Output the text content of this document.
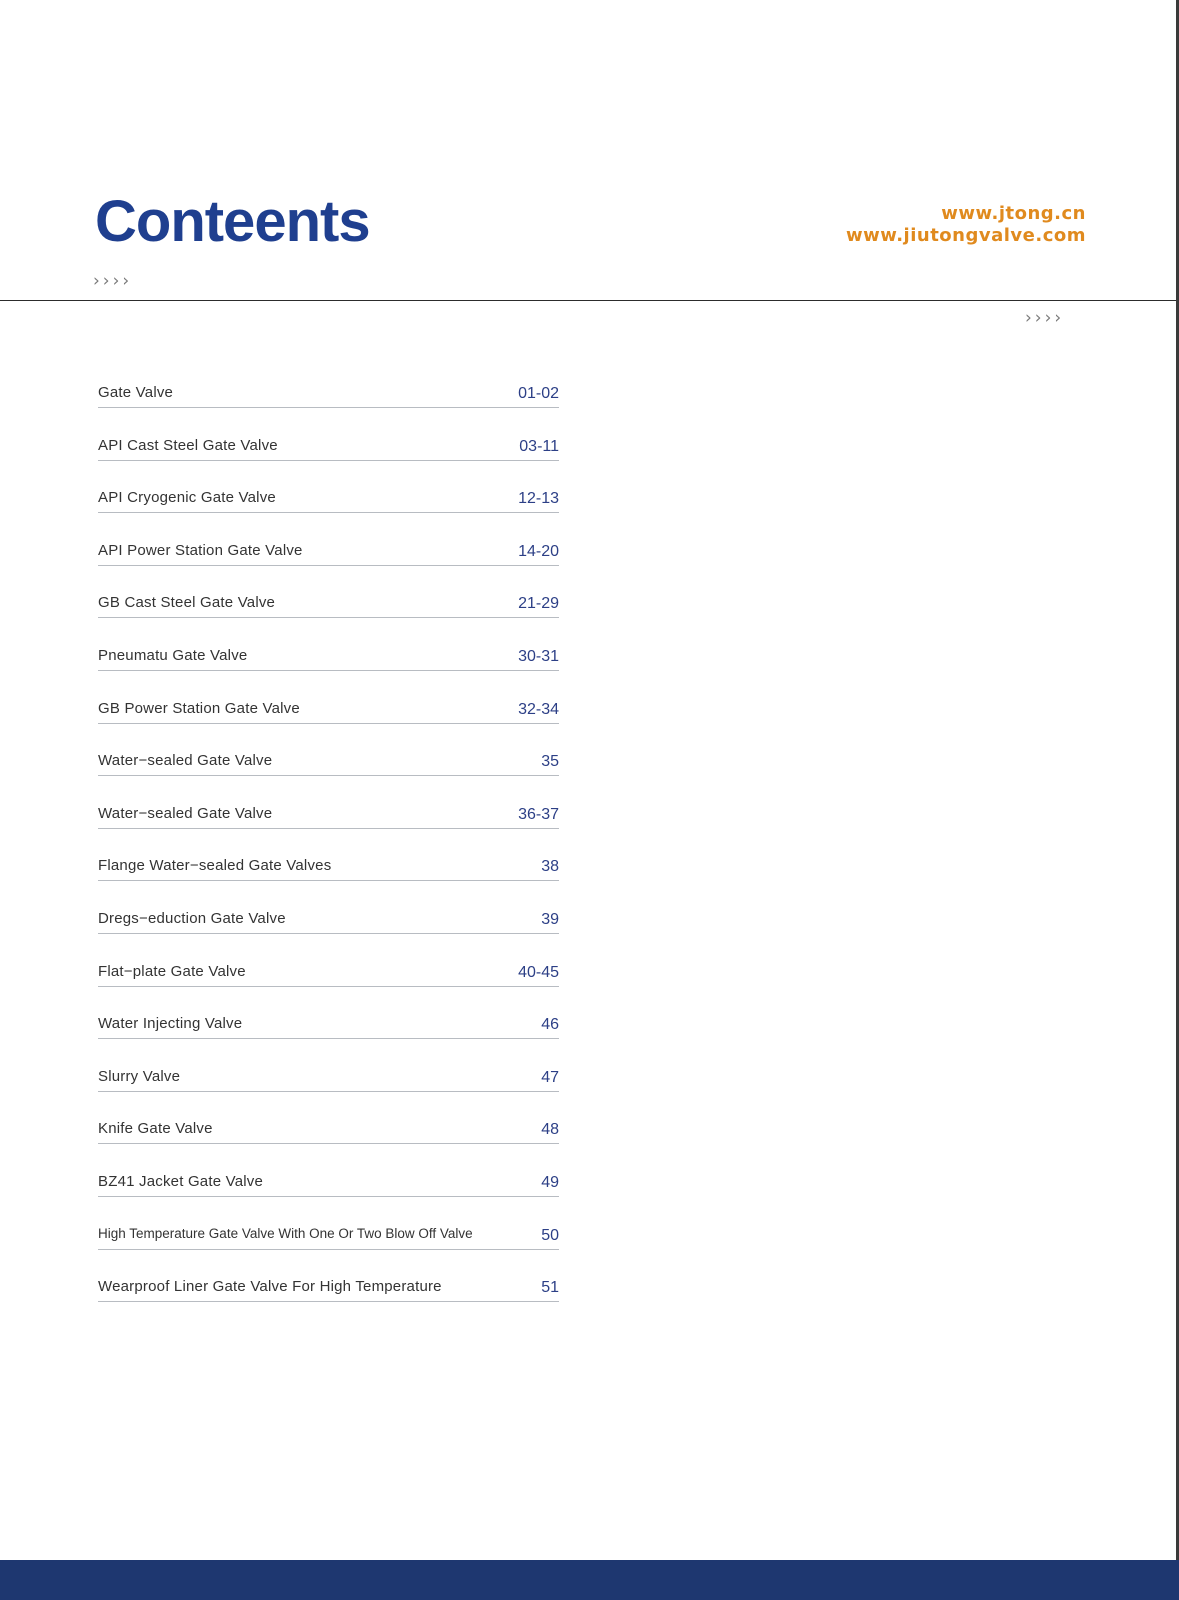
Conteents	www.jtong.cn
www.jiutongvalve.com
››››
››››
Gate Valve	01-02
API Cast Steel Gate Valve	03-11
API Cryogenic Gate Valve	12-13
API Power Station Gate Valve	14-20
GB Cast Steel Gate Valve	21-29
Pneumatu Gate Valve	30-31
GB Power Station Gate Valve	32-34
Water−sealed Gate Valve	35
Water−sealed Gate Valve	36-37
Flange Water−sealed Gate Valves	38
Dregs−eduction Gate Valve	39
Flat−plate Gate Valve	40-45
Water Injecting Valve	46
Slurry Valve	47
Knife Gate Valve	48
BZ41 Jacket Gate Valve	49
High Temperature Gate Valve With One Or Two Blow Off Valve	50
Wearproof Liner Gate Valve For High Temperature	51
